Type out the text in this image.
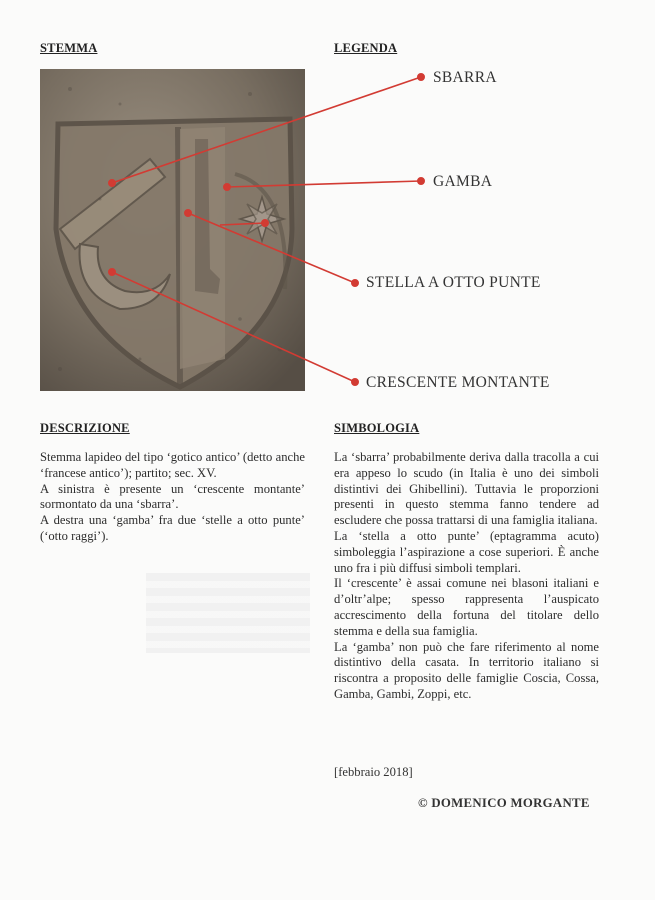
STEMMA	LEGENDA
SBARRA
GAMBA
STELLA A OTTO PUNTE
CRESCENTE MONTANTE
DESCRIZIONE	SIMBOLOGIA

Stemma lapideo del tipo ‘gotico antico’ (detto anche ‘francese antico’); partito; sec. XV.

A sinistra è presente un ‘crescente montante’ sormontato da una ‘sbarra’.

A destra una ‘gamba’ fra due ‘stelle a otto punte’ (‘otto raggi’).

La ‘sbarra’ probabilmente deriva dalla tracolla a cui era appeso lo scudo (in Italia è uno dei simboli distintivi dei Ghibellini). Tuttavia le proporzioni presenti in questo stemma fanno tendere ad escludere che possa trattarsi di una famiglia italiana.

La ‘stella a otto punte’ (eptagramma acuto) simboleggia l’aspirazione a cose superiori. È anche uno fra i più diffusi simboli templari.

Il ‘crescente’ è assai comune nei blasoni italiani e d’oltr’alpe; spesso rappresenta l’auspicato accrescimento della fortuna del titolare dello stemma e della sua famiglia.

La ‘gamba’ non può che fare riferimento al nome distintivo della casata. In territorio italiano si riscontra a proposito delle famiglie Coscia, Cossa, Gamba, Gambi, Zoppi, etc.

[febbraio 2018]
© DOMENICO MORGANTE
